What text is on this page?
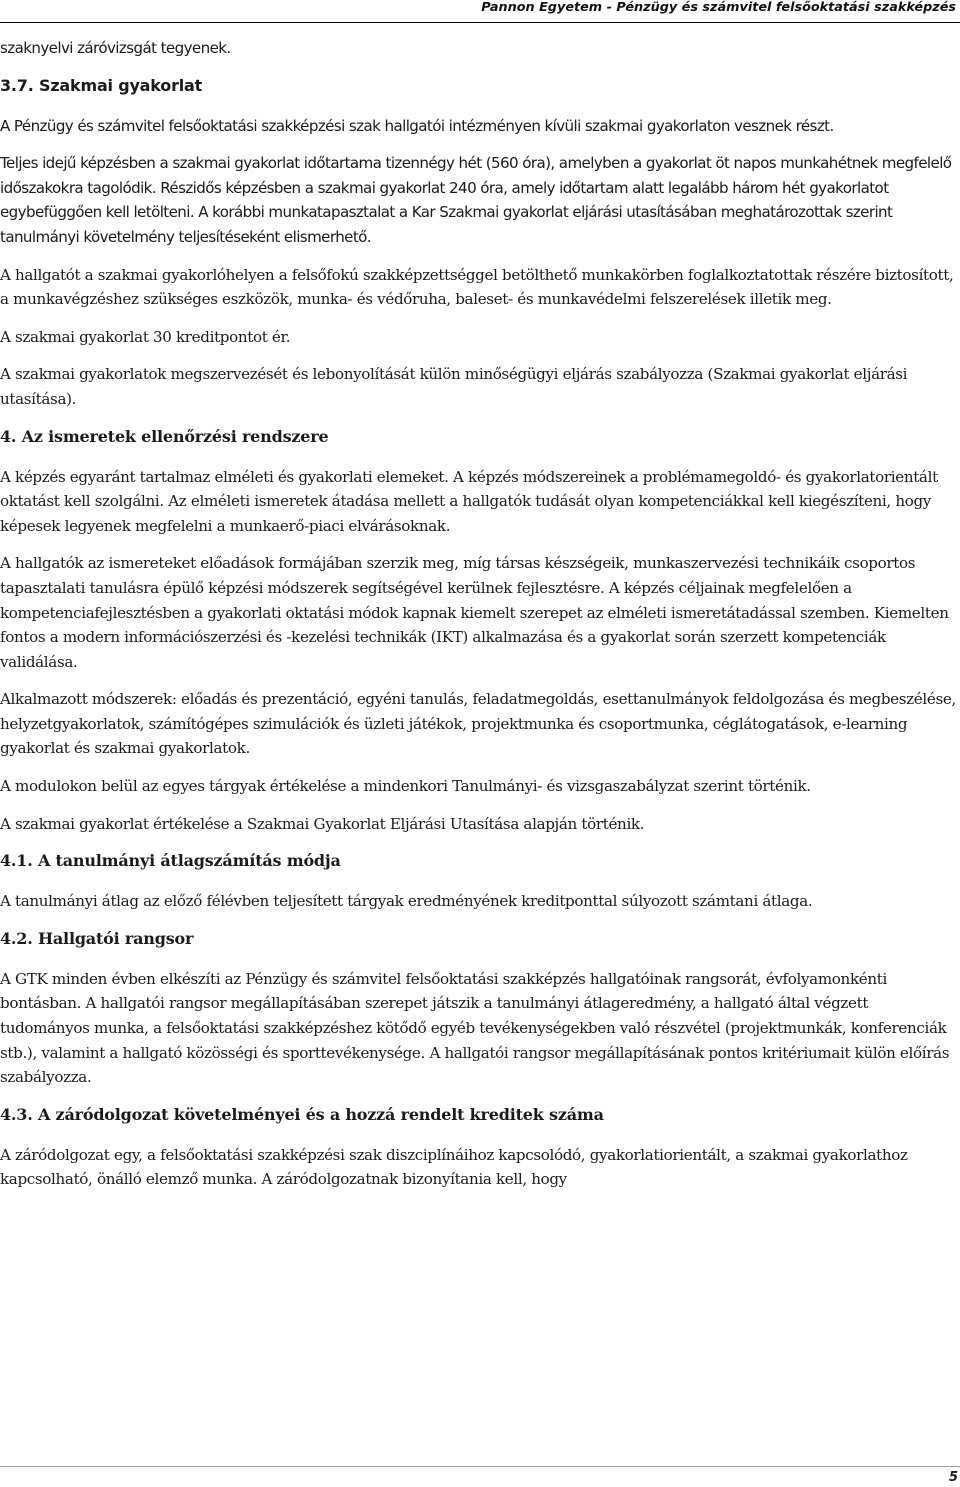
Pannon Egyetem - Pénzügy és számvitel felsőoktatási szakképzés

szaknyelvi záróvizsgát tegyenek.

3.7. Szakmai gyakorlat

A Pénzügy és számvitel felsőoktatási szakképzési szak hallgatói intézményen kívüli szakmai gyakorlaton vesznek részt.

Teljes idejű képzésben a szakmai gyakorlat időtartama tizennégy hét (560 óra), amelyben a gyakorlat öt napos munkahétnek megfelelő időszakokra tagolódik. Részidős képzésben a szakmai gyakorlat 240 óra, amely időtartam alatt legalább három hét gyakorlatot egybefüggően kell letölteni. A korábbi munkatapasztalat a Kar Szakmai gyakorlat eljárási utasításában meghatározottak szerint tanulmányi követelmény teljesítéseként elismerhető.

A hallgatót a szakmai gyakorlóhelyen a felsőfokú szakképzettséggel betölthető munkakörben foglalkoztatottak részére biztosított, a munkavégzéshez szükséges eszközök, munka- és védőruha, baleset- és munkavédelmi felszerelések illetik meg.

A szakmai gyakorlat 30 kreditpontot ér.

A szakmai gyakorlatok megszervezését és lebonyolítását külön minőségügyi eljárás szabályozza (Szakmai gyakorlat eljárási utasítása).

4. Az ismeretek ellenőrzési rendszere

A képzés egyaránt tartalmaz elméleti és gyakorlati elemeket. A képzés módszereinek a problémamegoldó- és gyakorlatorientált oktatást kell szolgálni. Az elméleti ismeretek átadása mellett a hallgatók tudását olyan kompetenciákkal kell kiegészíteni, hogy képesek legyenek megfelelni a munkaerő-piaci elvárásoknak.

A hallgatók az ismereteket előadások formájában szerzik meg, míg társas készségeik, munkaszervezési technikáik csoportos tapasztalati tanulásra épülő képzési módszerek segítségével kerülnek fejlesztésre. A képzés céljainak megfelelően a kompetenciafejlesztésben a gyakorlati oktatási módok kapnak kiemelt szerepet az elméleti ismeretátadással szemben. Kiemelten fontos a modern információszerzési és -kezelési technikák (IKT) alkalmazása és a gyakorlat során szerzett kompetenciák validálása.

Alkalmazott módszerek: előadás és prezentáció, egyéni tanulás, feladatmegoldás, esettanulmányok feldolgozása és megbeszélése, helyzetgyakorlatok, számítógépes szimulációk és üzleti játékok, projektmunka és csoportmunka, céglátogatások, e-learning gyakorlat és szakmai gyakorlatok.

A modulokon belül az egyes tárgyak értékelése a mindenkori Tanulmányi- és vizsgaszabályzat szerint történik.

A szakmai gyakorlat értékelése a Szakmai Gyakorlat Eljárási Utasítása alapján történik.

4.1. A tanulmányi átlagszámítás módja

A tanulmányi átlag az előző félévben teljesített tárgyak eredményének kreditponttal súlyozott számtani átlaga.

4.2. Hallgatói rangsor

A GTK minden évben elkészíti az Pénzügy és számvitel felsőoktatási szakképzés hallgatóinak rangsorát, évfolyamonkénti bontásban. A hallgatói rangsor megállapításában szerepet játszik a tanulmányi átlageredmény, a hallgató által végzett tudományos munka, a felsőoktatási szakképzéshez kötődő egyéb tevékenységekben való részvétel (projektmunkák, konferenciák stb.), valamint a hallgató közösségi és sporttevékenysége. A hallgatói rangsor megállapításának pontos kritériumait külön előírás szabályozza.

4.3. A záródolgozat követelményei és a hozzá rendelt kreditek száma

A záródolgozat egy, a felsőoktatási szakképzési szak diszciplínáihoz kapcsolódó, gyakorlatiorientált, a szakmai gyakorlathoz kapcsolható, önálló elemző munka. A záródolgozatnak bizonyítania kell, hogy

5
